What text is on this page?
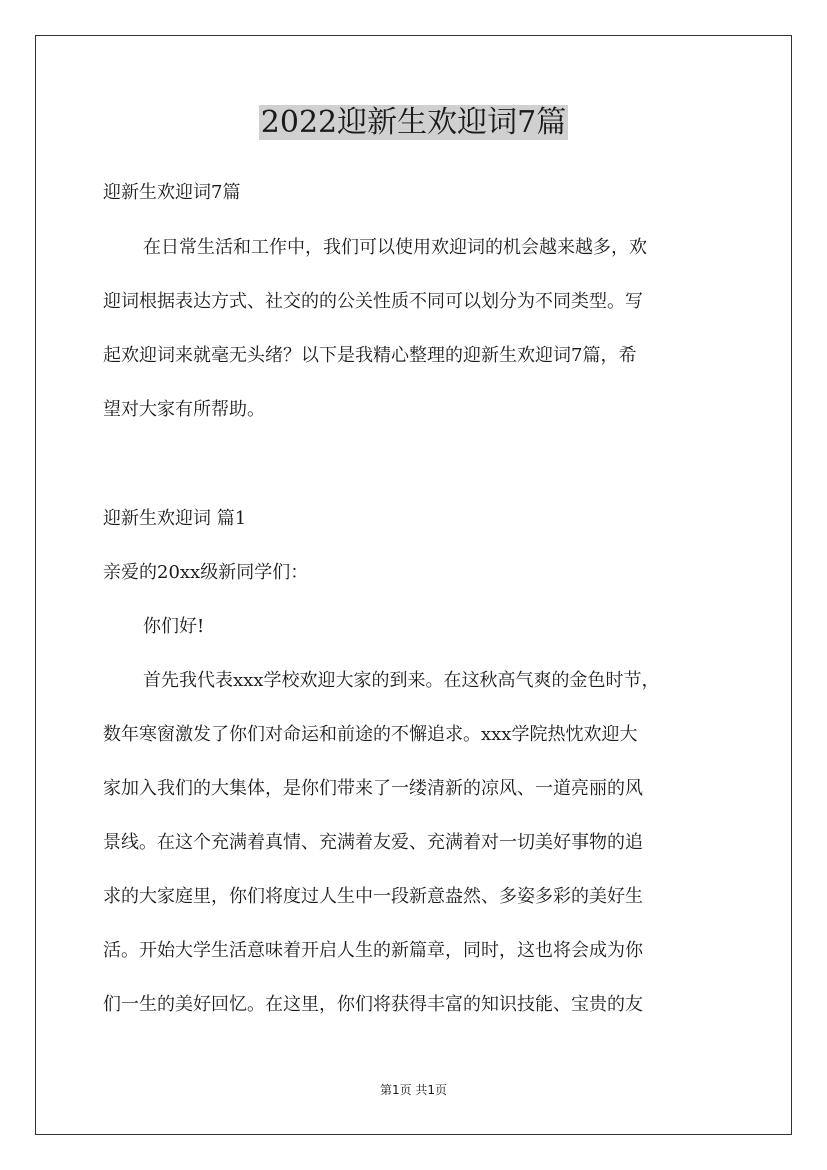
2022迎新生欢迎词7篇

迎新生欢迎词7篇

在日常生活和工作中，我们可以使用欢迎词的机会越来越多，欢
迎词根据表达方式、社交的的公关性质不同可以划分为不同类型。写
起欢迎词来就毫无头绪？以下是我精心整理的迎新生欢迎词7篇，希
望对大家有所帮助。

迎新生欢迎词 篇1

亲爱的20xx级新同学们：

你们好!

首先我代表xxx学校欢迎大家的到来。在这秋高气爽的金色时节，
数年寒窗激发了你们对命运和前途的不懈追求。xxx学院热忱欢迎大
家加入我们的大集体，是你们带来了一缕清新的凉风、一道亮丽的风
景线。在这个充满着真情、充满着友爱、充满着对一切美好事物的追
求的大家庭里，你们将度过人生中一段新意盎然、多姿多彩的美好生
活。开始大学生活意味着开启人生的新篇章，同时，这也将会成为你
们一生的美好回忆。在这里，你们将获得丰富的知识技能、宝贵的友
第1页 共1页
